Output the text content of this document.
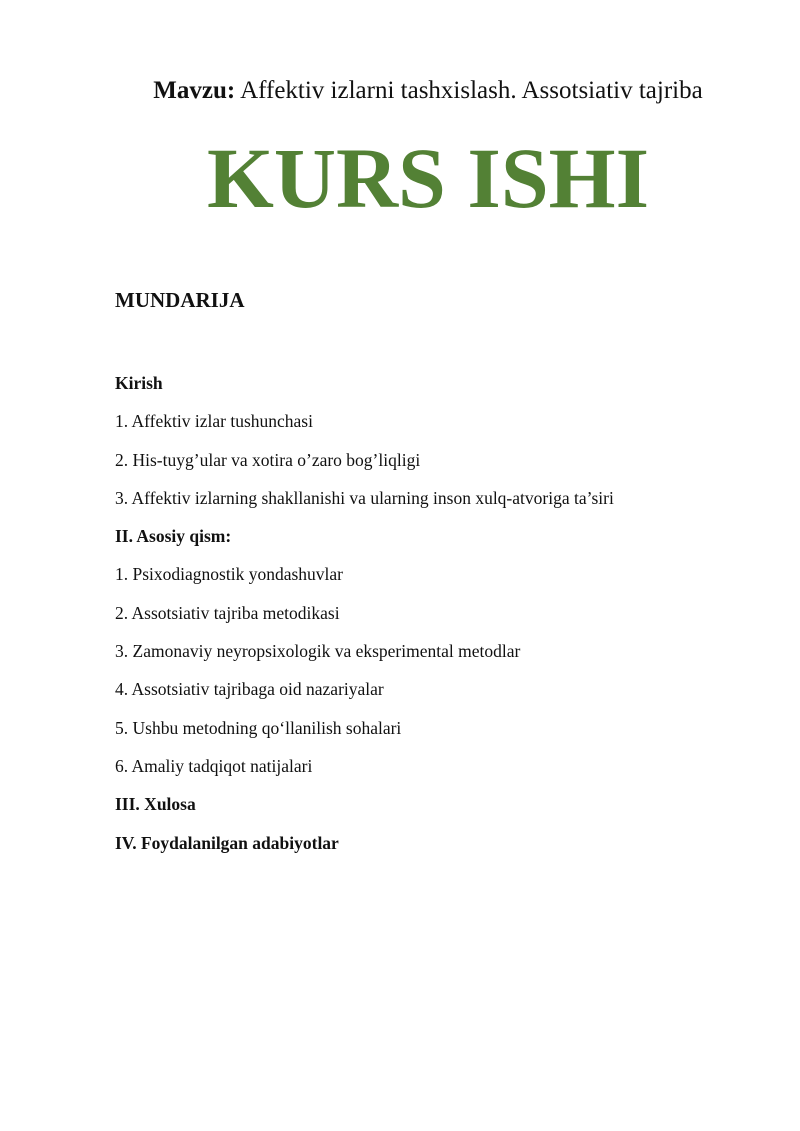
Mavzu: Affektiv izlarni tashxislash. Assotsiativ tajriba
KURS ISHI
MUNDARIJA
Kirish
1. Affektiv izlar tushunchasi
2. His-tuyg’ular va xotira o’zaro bog’liqligi
3. Affektiv izlarning shakllanishi va ularning inson xulq-atvoriga ta’siri
II. Asosiy qism:
1. Psixodiagnostik yondashuvlar
2. Assotsiativ tajriba metodikasi
3. Zamonaviy neyropsixologik va eksperimental metodlar
4. Assotsiativ tajribaga oid nazariyalar
5. Ushbu metodning qo‘llanilish sohalari
6. Amaliy tadqiqot natijalari
III. Xulosa
IV. Foydalanilgan adabiyotlar
